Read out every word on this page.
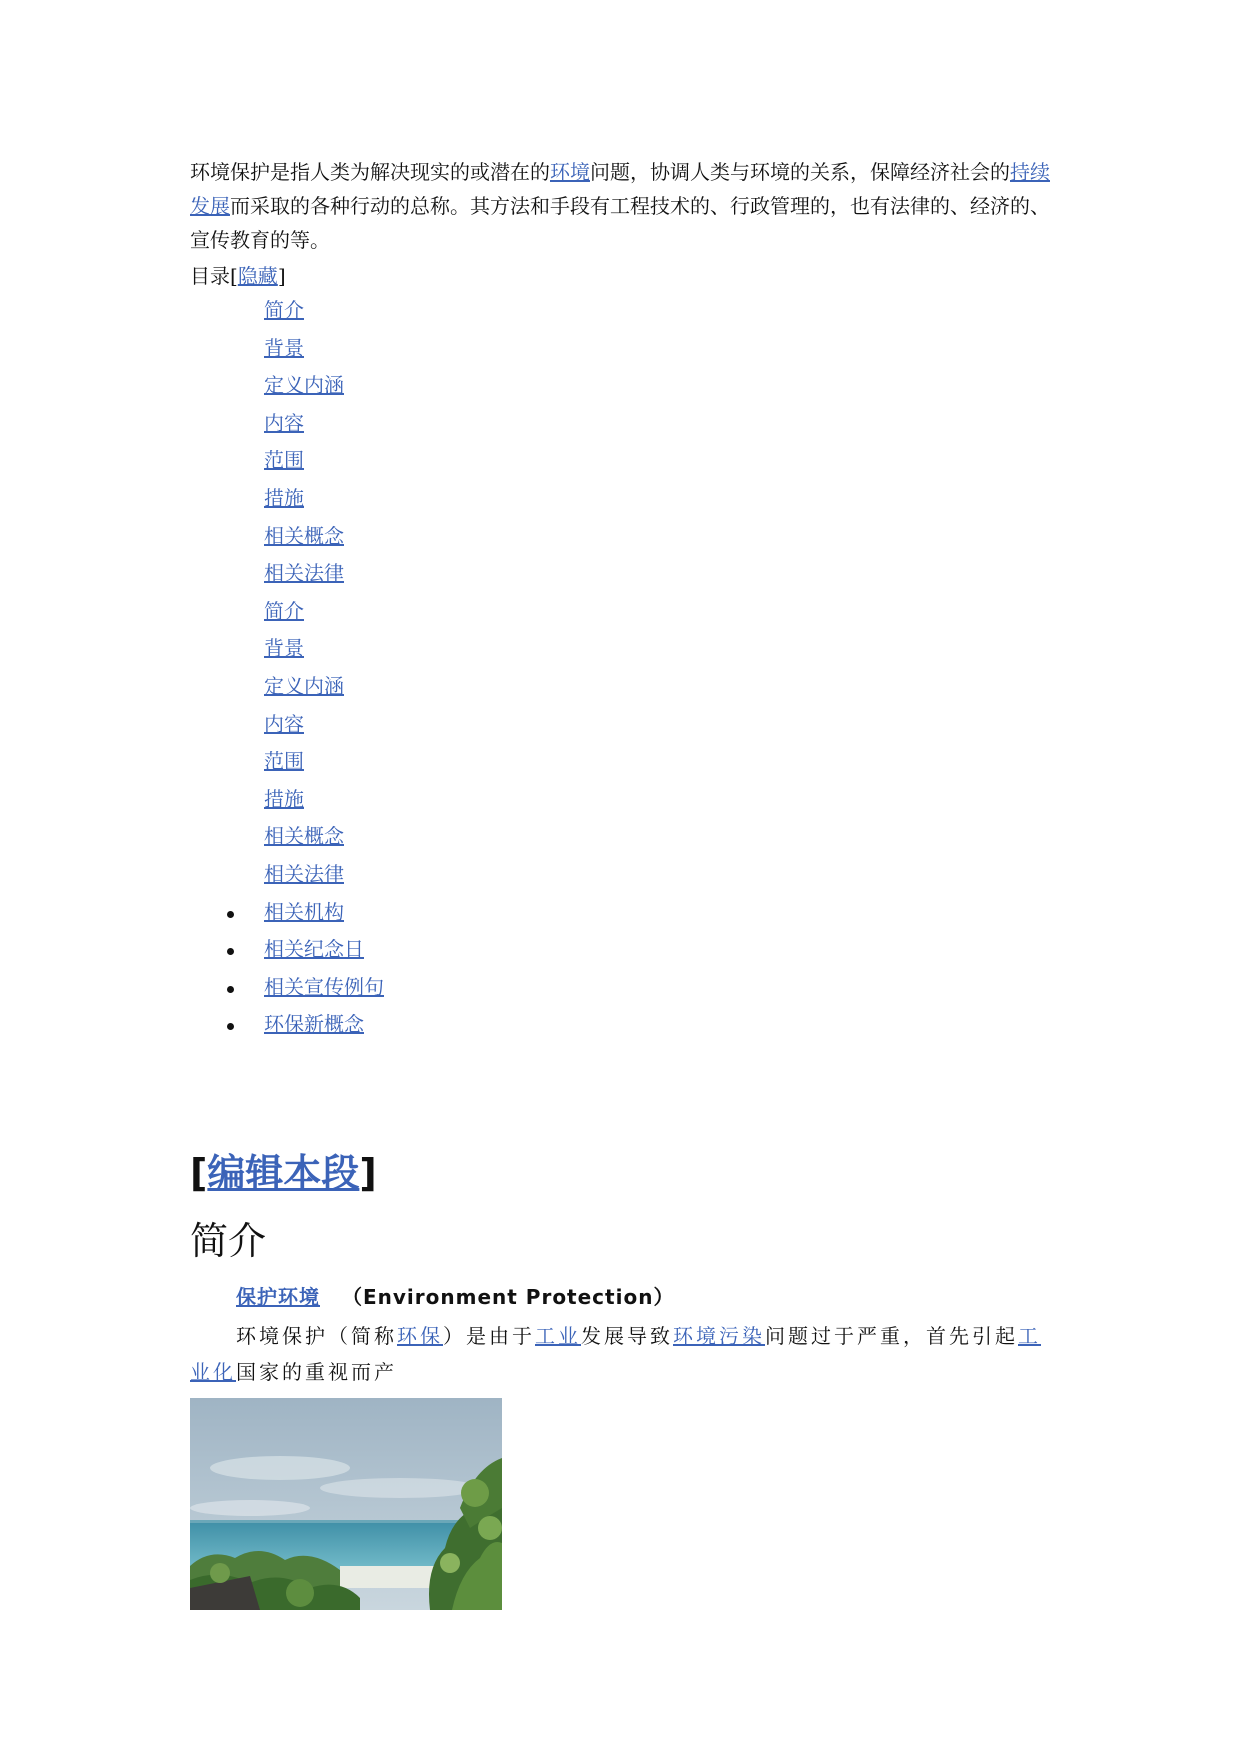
环境保护是指人类为解决现实的或潜在的环境问题，协调人类与环境的关系，保障经济社会的持续发展而采取的各种行动的总称。其方法和手段有工程技术的、行政管理的，也有法律的、经济的、宣传教育的等。

目录[隐藏]
简介
背景
定义内涵
内容
范围
措施
相关概念
相关法律
简介
背景
定义内涵
内容
范围
措施
相关概念
相关法律
相关机构
相关纪念日
相关宣传例句
环保新概念
[编辑本段]
简介
保护环境 （Environment Protection）

环境保护（简称环保）是由于工业发展导致环境污染问题过于严重，首先引起工业化国家的重视而产
